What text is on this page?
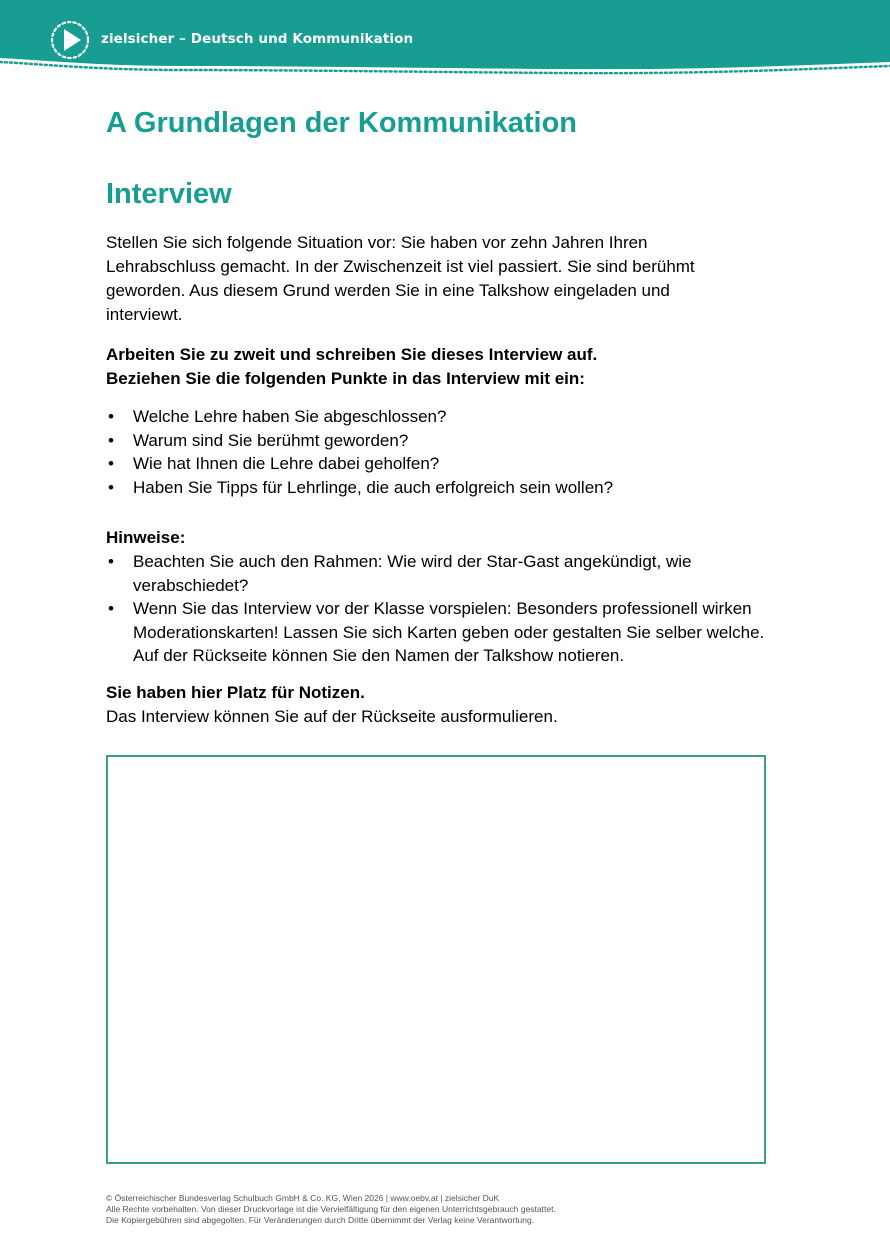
zielsicher – Deutsch und Kommunikation
A Grundlagen der Kommunikation
Interview

Stellen Sie sich folgende Situation vor: Sie haben vor zehn Jahren Ihren Lehrabschluss gemacht. In der Zwischenzeit ist viel passiert. Sie sind berühmt geworden. Aus diesem Grund werden Sie in eine Talkshow eingeladen und interviewt.

Arbeiten Sie zu zweit und schreiben Sie dieses Interview auf.
Beziehen Sie die folgenden Punkte in das Interview mit ein:
• Welche Lehre haben Sie abgeschlossen?
• Warum sind Sie berühmt geworden?
• Wie hat Ihnen die Lehre dabei geholfen?
• Haben Sie Tipps für Lehrlinge, die auch erfolgreich sein wollen?
Hinweise:
• Beachten Sie auch den Rahmen: Wie wird der Star-Gast angekündigt, wie verabschiedet?
• Wenn Sie das Interview vor der Klasse vorspielen: Besonders professionell wirken Moderationskarten! Lassen Sie sich Karten geben oder gestalten Sie selber welche. Auf der Rückseite können Sie den Namen der Talkshow notieren.
Sie haben hier Platz für Notizen.
Das Interview können Sie auf der Rückseite ausformulieren.
© Österreichischer Bundesverlag Schulbuch GmbH & Co. KG, Wien 2026 | www.oebv.at | zielsicher DuK
Alle Rechte vorbehalten. Von dieser Druckvorlage ist die Vervielfältigung für den eigenen Unterrichtsgebrauch gestattet.
Die Kopiergebühren sind abgegolten. Für Veränderungen durch Dritte übernimmt der Verlag keine Verantwortung.
